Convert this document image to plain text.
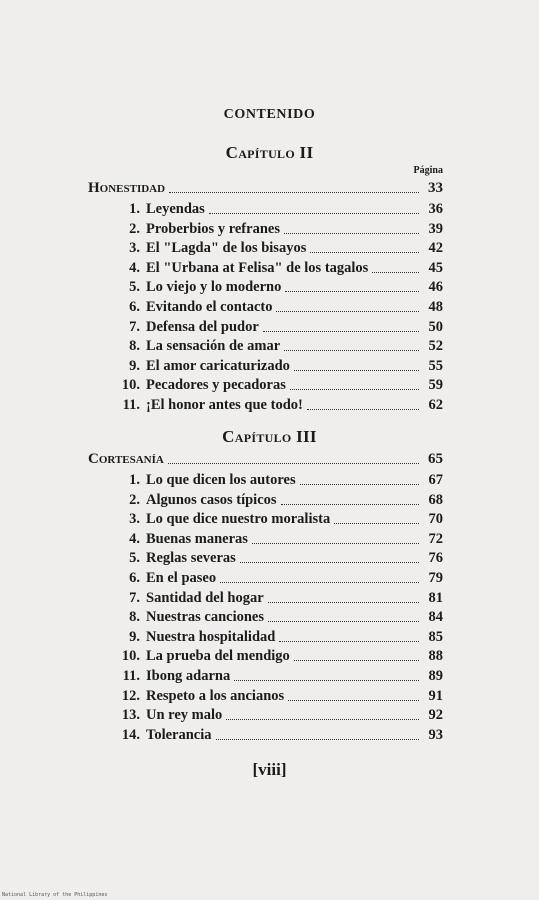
CONTENIDO
Página
Capítulo II
Honestidad	33
1. Leyendas	36
2. Proberbios y refranes	39
3. El "Lagda" de los bisayos	42
4. El "Urbana at Felisa" de los tagalos	45
5. Lo viejo y lo moderno	46
6. Evitando el contacto	48
7. Defensa del pudor	50
8. La sensación de amar	52
9. El amor caricaturizado	55
10. Pecadores y pecadoras	59
11. ¡El honor antes que todo!	62
Capítulo III
Cortesanía	65
1. Lo que dicen los autores	67
2. Algunos casos típicos	68
3. Lo que dice nuestro moralista	70
4. Buenas maneras	72
5. Reglas severas	76
6. En el paseo	79
7. Santidad del hogar	81
8. Nuestras canciones	84
9. Nuestra hospitalidad	85
10. La prueba del mendigo	88
11. Ibong adarna	89
12. Respeto a los ancianos	91
13. Un rey malo	92
14. Tolerancia	93
[viii]
National Library of the Philippines
